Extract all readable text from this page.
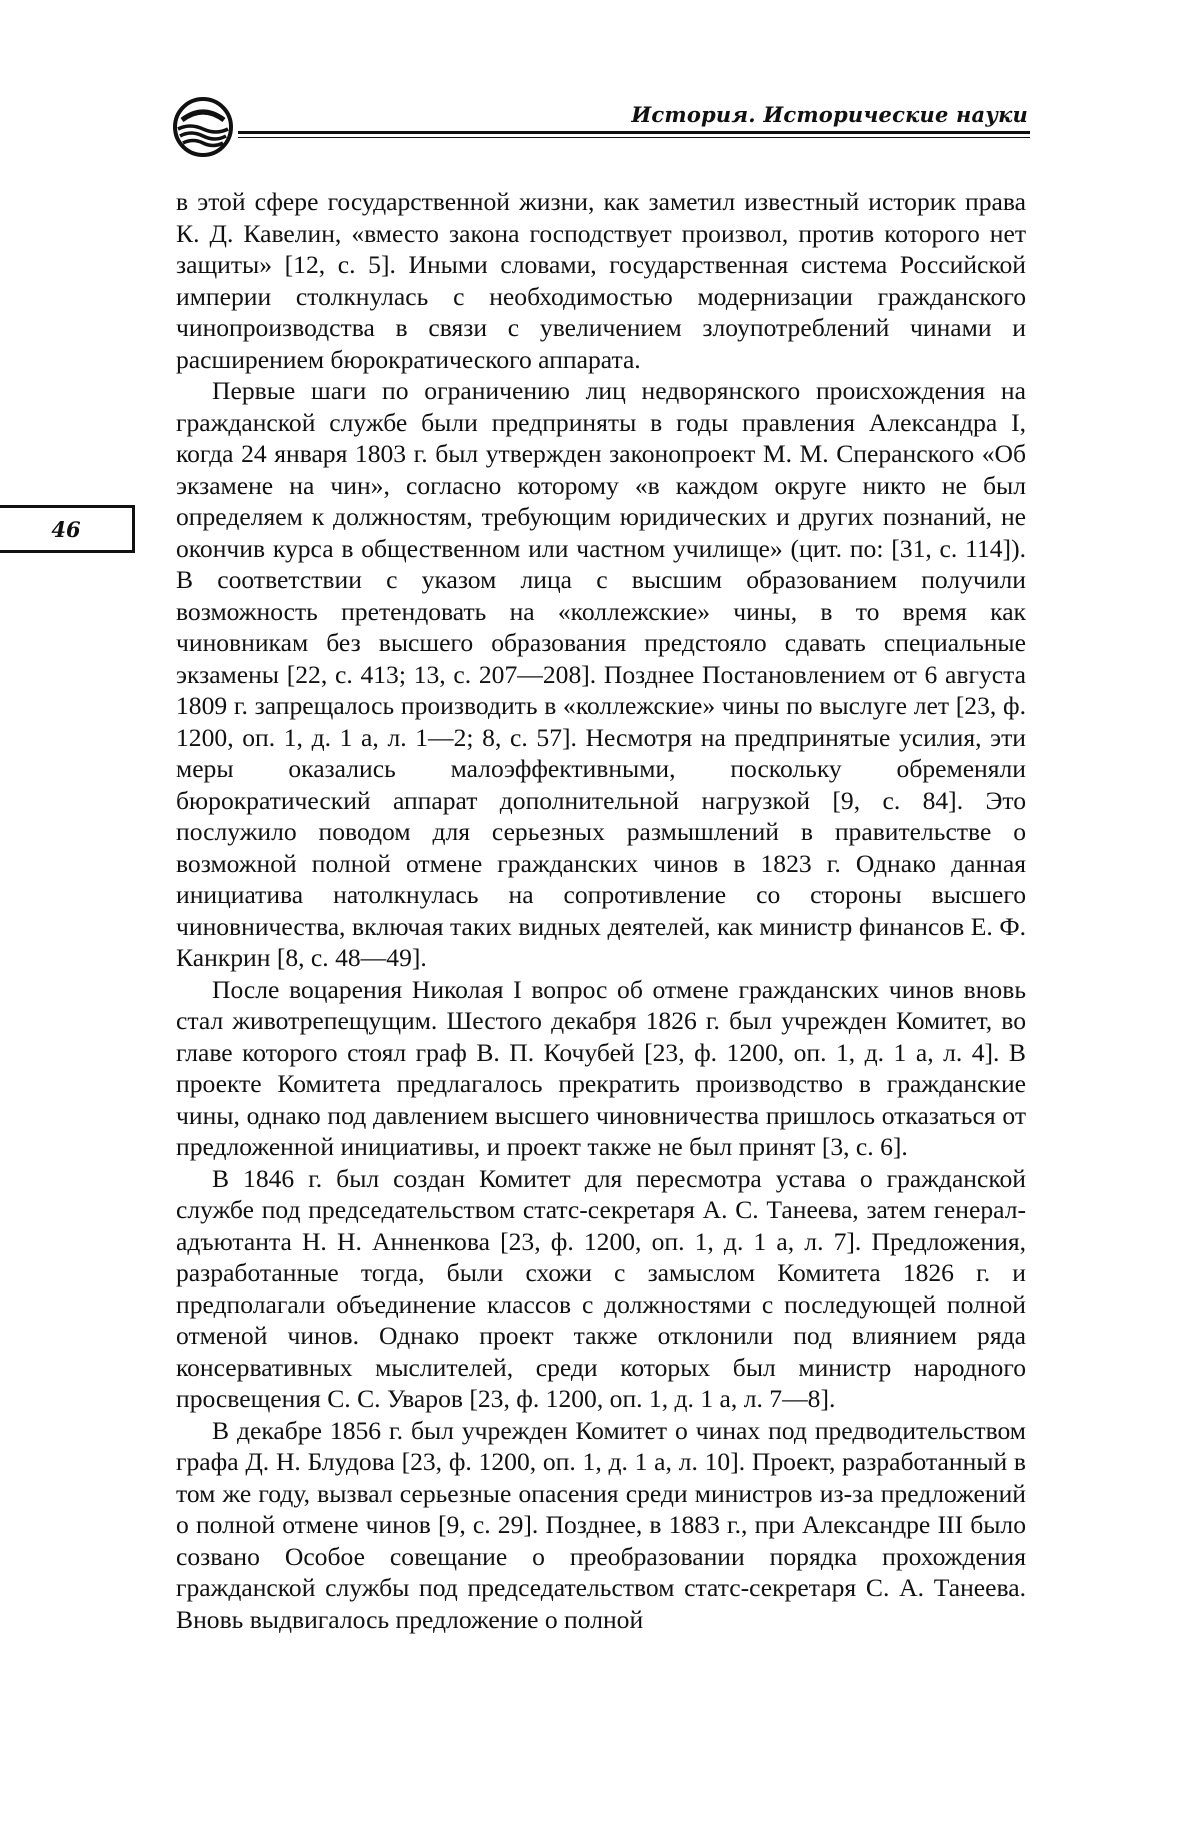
История. Исторические науки
46

в этой сфере государственной жизни, как заметил известный историк права К. Д. Кавелин, «вместо закона господствует произвол, против которого нет защиты» [12, с. 5]. Иными словами, государственная система Российской империи столкнулась с необходимостью модернизации гражданского чинопроизводства в связи с увеличением злоупотреблений чинами и расширением бюрократического аппарата.

Первые шаги по ограничению лиц недворянского происхождения на гражданской службе были предприняты в годы правления Александра I, когда 24 января 1803 г. был утвержден законопроект М. М. Сперанского «Об экзамене на чин», согласно которому «в каждом округе никто не был определяем к должностям, требующим юридических и других познаний, не окончив курса в общественном или частном училище» (цит. по: [31, с. 114]). В соответствии с указом лица с высшим образованием получили возможность претендовать на «коллежские» чины, в то время как чиновникам без высшего образования предстояло сдавать специальные экзамены [22, с. 413; 13, с. 207—208]. Позднее Постановлением от 6 августа 1809 г. запрещалось производить в «коллежские» чины по выслуге лет [23, ф. 1200, оп. 1, д. 1 а, л. 1—2; 8, с. 57]. Несмотря на предпринятые усилия, эти меры оказались малоэффективными, поскольку обременяли бюрократический аппарат дополнительной нагрузкой [9, с. 84]. Это послужило поводом для серьезных размышлений в правительстве о возможной полной отмене гражданских чинов в 1823 г. Однако данная инициатива натолкнулась на сопротивление со стороны высшего чиновничества, включая таких видных деятелей, как министр финансов Е. Ф. Канкрин [8, с. 48—49].

После воцарения Николая I вопрос об отмене гражданских чинов вновь стал животрепещущим. Шестого декабря 1826 г. был учрежден Комитет, во главе которого стоял граф В. П. Кочубей [23, ф. 1200, оп. 1, д. 1 а, л. 4]. В проекте Комитета предлагалось прекратить производство в гражданские чины, однако под давлением высшего чиновничества пришлось отказаться от предложенной инициативы, и проект также не был принят [3, с. 6].

В 1846 г. был создан Комитет для пересмотра устава о гражданской службе под председательством статс-секретаря А. С. Танеева, затем генерал-адъютанта Н. Н. Анненкова [23, ф. 1200, оп. 1, д. 1 а, л. 7]. Предложения, разработанные тогда, были схожи с замыслом Комитета 1826 г. и предполагали объединение классов с должностями с последующей полной отменой чинов. Однако проект также отклонили под влиянием ряда консервативных мыслителей, среди которых был министр народного просвещения С. С. Уваров [23, ф. 1200, оп. 1, д. 1 а, л. 7—8].

В декабре 1856 г. был учрежден Комитет о чинах под предводительством графа Д. Н. Блудова [23, ф. 1200, оп. 1, д. 1 а, л. 10]. Проект, разработанный в том же году, вызвал серьезные опасения среди министров из-за предложений о полной отмене чинов [9, с. 29]. Позднее, в 1883 г., при Александре III было созвано Особое совещание о преобразовании порядка прохождения гражданской службы под председательством статс-секретаря С. А. Танеева. Вновь выдвигалось предложение о полной
